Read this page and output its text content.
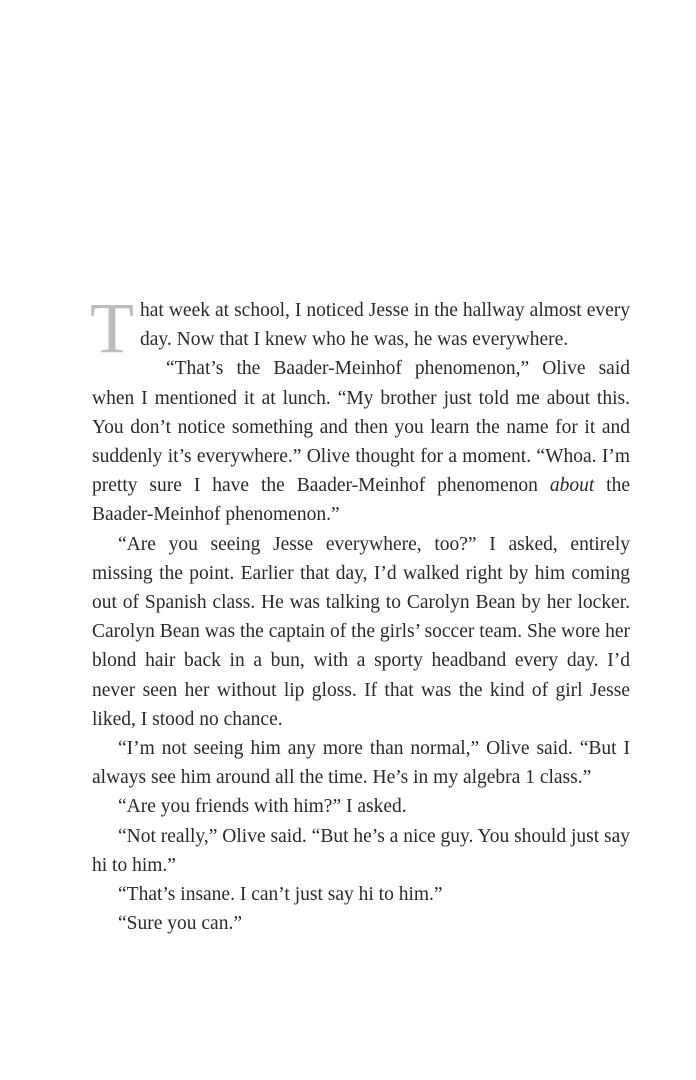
That week at school, I noticed Jesse in the hallway almost every day. Now that I knew who he was, he was everywhere.

“That’s the Baader-Meinhof phenomenon,” Olive said when I mentioned it at lunch. “My brother just told me about this. You don’t notice something and then you learn the name for it and suddenly it’s everywhere.” Olive thought for a moment. “Whoa. I’m pretty sure I have the Baader-Meinhof phenomenon about the Baader-Meinhof phenomenon.”

“Are you seeing Jesse everywhere, too?” I asked, entirely missing the point. Earlier that day, I’d walked right by him coming out of Spanish class. He was talking to Carolyn Bean by her locker. Carolyn Bean was the captain of the girls’ soccer team. She wore her blond hair back in a bun, with a sporty headband every day. I’d never seen her without lip gloss. If that was the kind of girl Jesse liked, I stood no chance.

“I’m not seeing him any more than normal,” Olive said. “But I always see him around all the time. He’s in my algebra 1 class.”

“Are you friends with him?” I asked.

“Not really,” Olive said. “But he’s a nice guy. You should just say hi to him.”

“That’s insane. I can’t just say hi to him.”

“Sure you can.”
